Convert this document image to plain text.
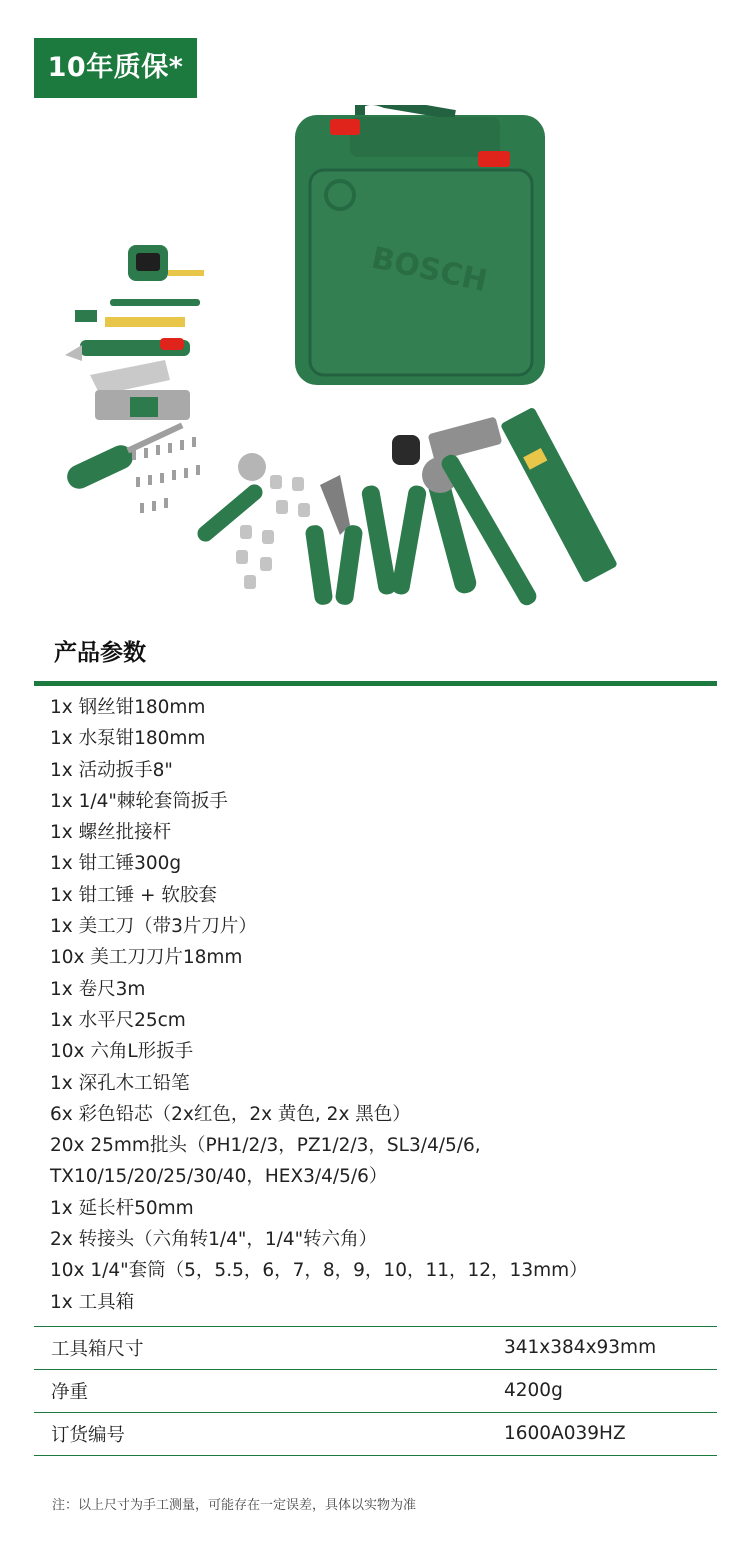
10年质保*
BOSCH
产品参数
1x 钢丝钳180mm
1x 水泵钳180mm
1x 活动扳手8"
1x 1/4"棘轮套筒扳手
1x 螺丝批接杆
1x 钳工锤300g
1x 钳工锤 + 软胶套
1x 美工刀（带3片刀片）
10x 美工刀刀片18mm
1x 卷尺3m
1x 水平尺25cm
10x 六角L形扳手
1x 深孔木工铅笔
6x 彩色铅芯（2x红色，2x 黄色, 2x 黑色）
20x 25mm批头（PH1/2/3，PZ1/2/3，SL3/4/5/6,
TX10/15/20/25/30/40，HEX3/4/5/6）
1x 延长杆50mm
2x 转接头（六角转1/4"，1/4"转六角）
10x 1/4"套筒（5，5.5，6，7，8，9，10，11，12，13mm）
1x 工具箱
工具箱尺寸	341x384x93mm
净重	4200g
订货编号	1600A039HZ
注：以上尺寸为手工测量，可能存在一定误差，具体以实物为准
